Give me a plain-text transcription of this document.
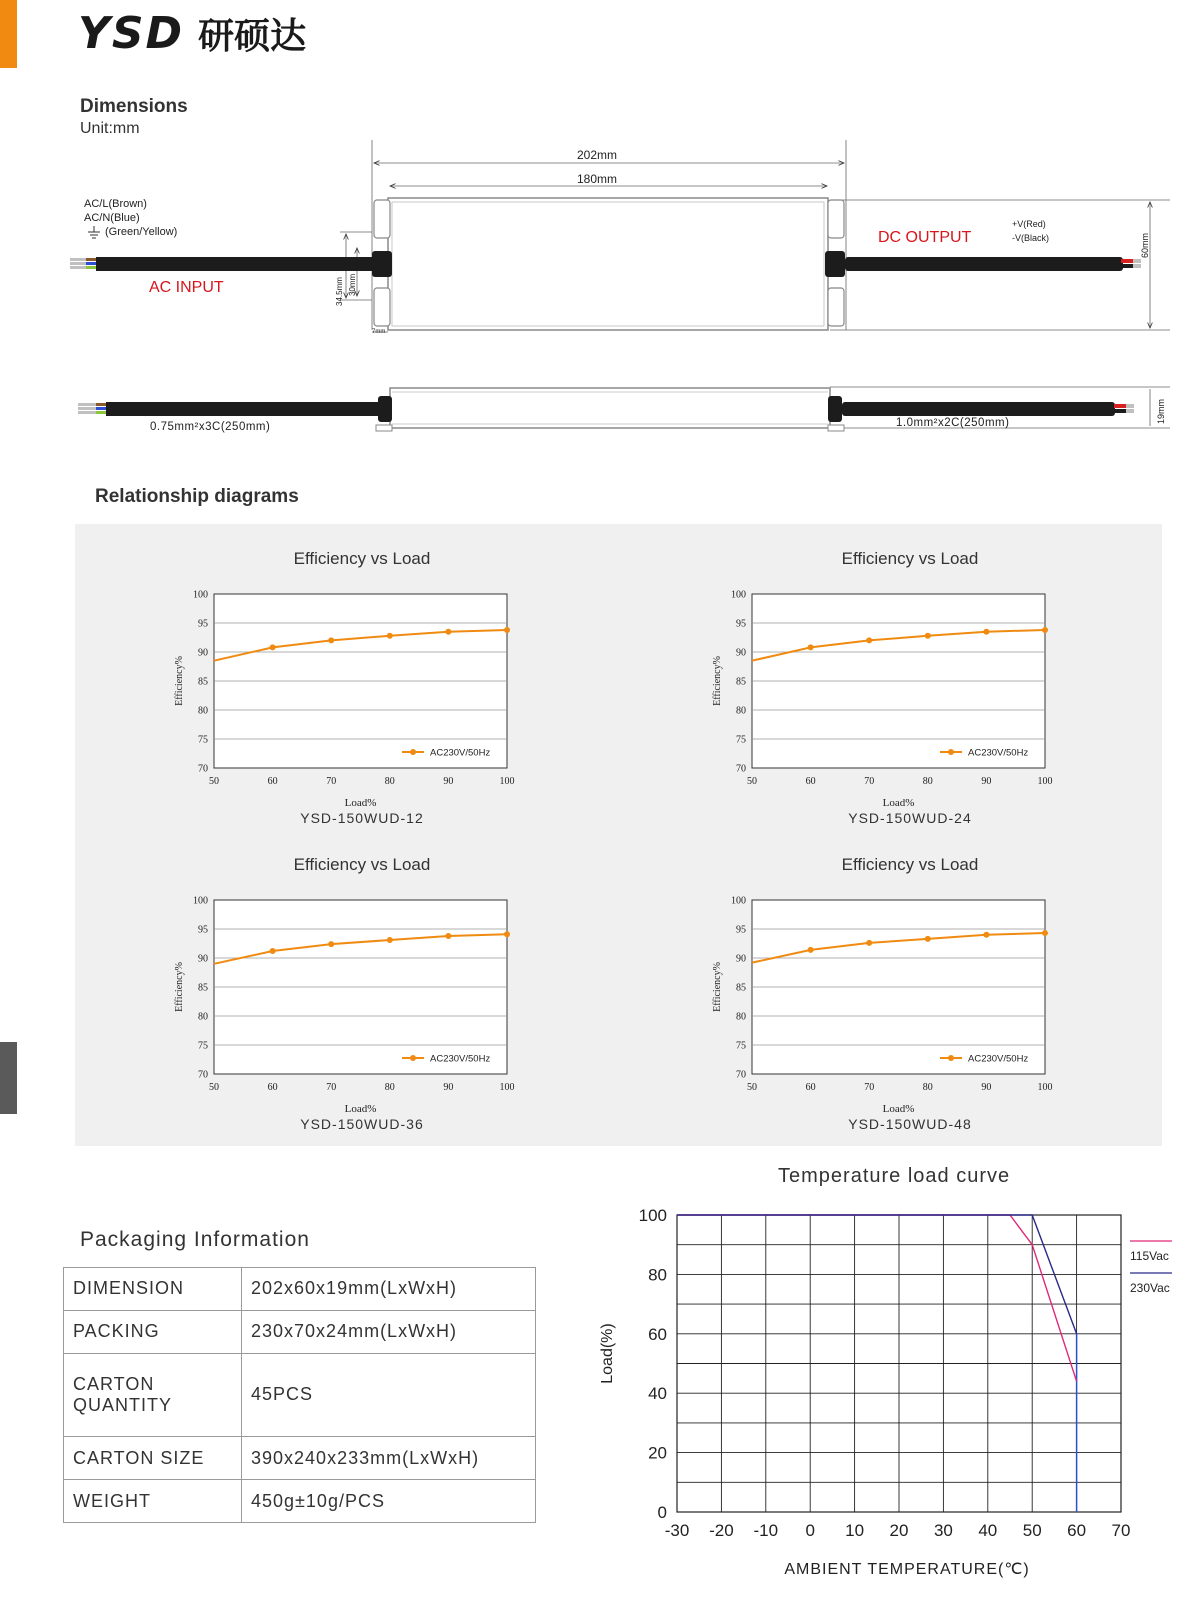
YSD 研硕达
Dimensions
Unit:mm
202mm
180mm
AC/L(Brown)
AC/N(Blue)
(Green/Yellow)
AC INPUT
DC OUTPUT
+V(Red)
-V(Black)	60mm
34.5mm 30mm
7mm
0.75mm²x3C(250mm)	1.0mm²x2C(250mm)	19mm
Relationship diagrams
Efficiency vs Load
70
75
80
85
90
95
100
50	60	70	80	90	100
Load%
Efficiency%
AC230V/50Hz
YSD-150WUD-12
Efficiency vs Load
70
75
80
85
90
95
100
50	60	70	80	90	100
Load%
Efficiency%
AC230V/50Hz
YSD-150WUD-24
Efficiency vs Load
70
75
80
85
90
95
100
50	60	70	80	90	100
Load%
Efficiency%
AC230V/50Hz
YSD-150WUD-36
Efficiency vs Load
70
75
80
85
90
95
100
50	60	70	80	90	100
Load%
Efficiency%
AC230V/50Hz
YSD-150WUD-48
Packaging Information
DIMENSION	202x60x19mm(LxWxH)
PACKING	230x70x24mm(LxWxH)
CARTON QUANTITY	45PCS
CARTON SIZE	390x240x233mm(LxWxH)
WEIGHT	450g±10g/PCS
Temperature load curve
-30 -20 -10 0 10 20 30 40 50 60 70
0
20
40
60
80
100
AMBIENT TEMPERATURE(℃)
Load(%)
115Vac
230Vac
